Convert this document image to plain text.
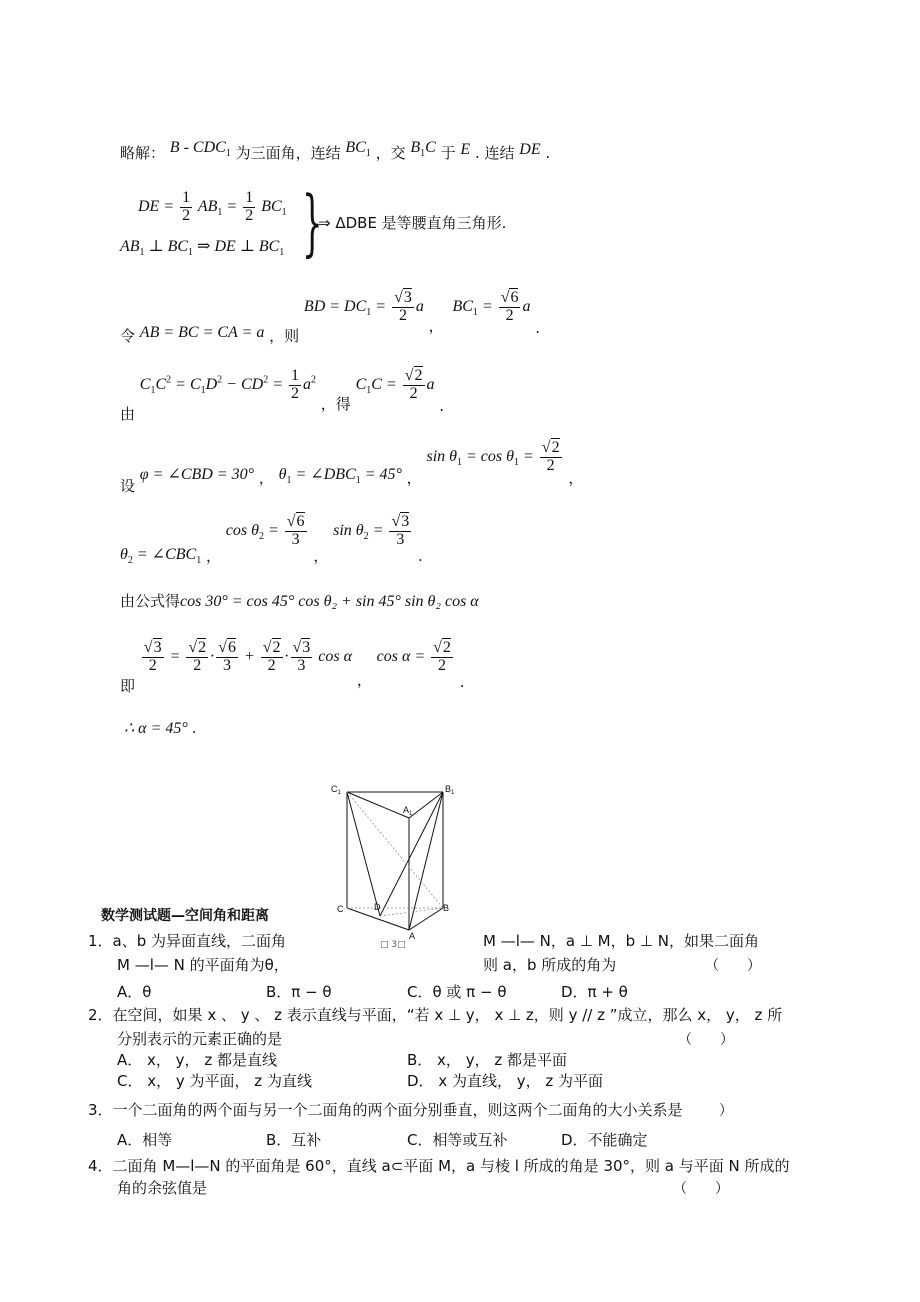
略解： B - $CDC_1$ 为三面角，连结 $BC_1$ ，交 $B_1C$ 于 E . 连结 DE .
DE = $\frac{1}{2} AB_1 = \frac{1}{2} BC_1$
$AB_1$ ⊥ $BC_1$ ⇒ DE ⊥ $BC_1$ }
⇒ ΔDBE 是等腰直角三角形.
令 AB = BC = CA = a ，则 BD = $DC_1 = \frac{√3}{2}$ a ，  $BC_1 = \frac{√6}{2}$ a .
由 $C_1C^2 = C_1D^2 - CD^2 = \frac{1}{2} a^2$ ，得 $C_1C = \frac{√2}{2}$ a .
设 φ = ∠CBD = 30° ， $\theta_1$ = $\angle DBC_1 = 45^\circ$ ， $\sin \theta_1 = \cos \theta_1 = \frac{√2}{2}$
，
$\theta_2$ = $\angle CBC_1$ ， $\cos \theta_2 = \frac{√6}{3}$
， $\sin \theta_2 = \frac{√3}{3}$
.
由公式得cos 30° = cos 45° cos θ₂ + sin 45° sin θ₂ cos α
即
$\frac{√3}{2} = \frac{√2}{2} \cdot \frac{√6}{3} + \frac{√2}{2} \cdot \frac{√3}{3}$ cos α ， $\cos \alpha = \frac{√2}{2}$
.
∴ α = 45° .
$C_1$	$B_1$
$A_1$
C	B
A
D
□ 3□
数学测试题—空间角和距离
1．a、b 为异面直线，二面角	M —l— N，a ⊥ M，b ⊥ N，如果二面角
M —l— N 的平面角为θ，	则 a，b 所成的角为	（　　）
A．θ	B．π − θ	C．θ 或 π − θ	D．π + θ
2．在空间，如果 x 、 y 、 z 表示直线与平面，“若 x ⊥ y， x ⊥ z，则 y // z ”成立，那么 x， y， z 所
分别表示的元素正确的是	（　　）
A． x， y， z 都是直线	B． x， y， z 都是平面
C． x， y 为平面， z 为直线	D． x 为直线， y， z 为平面
3．一个二面角的两个面与另一个二面角的两个面分别垂直，则这两个二面角的大小关系是	）
A．相等	B．互补	C．相等或互补	D．不能确定
4．二面角 M—l—N 的平面角是 60°，直线 a⊂平面 M，a 与棱 l 所成的角是 30°，则 a 与平面 N 所成的
角的余弦值是	（　　）
